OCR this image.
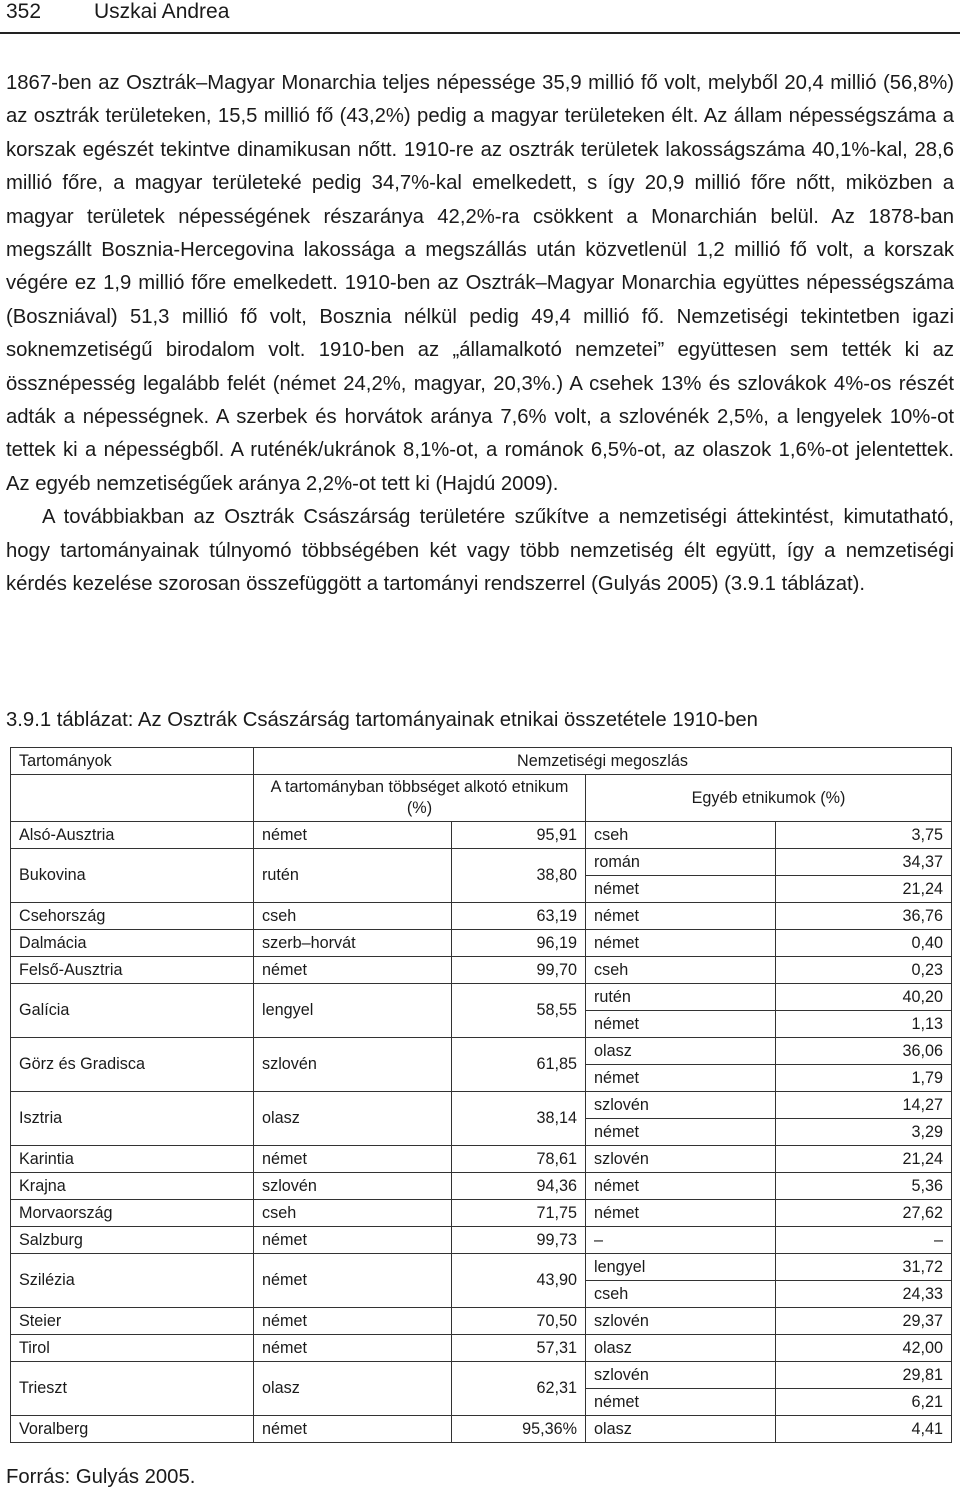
352	Uszkai Andrea

1867-ben az Osztrák–Magyar Monarchia teljes népessége 35,9 millió fő volt, melyből 20,4 millió (56,8%) az osztrák területeken, 15,5 millió fő (43,2%) pedig a magyar területeken élt. Az állam népességszáma a korszak egészét tekintve dinamikusan nőtt. 1910-re az osztrák területek lakosságszáma 40,1%-kal, 28,6 millió főre, a magyar területeké pedig 34,7%-kal emelkedett, s így 20,9 millió főre nőtt, miközben a magyar területek népességének részaránya 42,2%-ra csökkent a Monarchián belül. Az 1878-ban megszállt Bosznia-Hercegovina lakossága a megszállás után közvetlenül 1,2 millió fő volt, a korszak végére ez 1,9 millió főre emelkedett. 1910-ben az Osztrák–Magyar Monarchia együttes népességszáma (Boszniával) 51,3 millió fő volt, Bosznia nélkül pedig 49,4 millió fő. Nemzetiségi tekintetben igazi soknemzetiségű birodalom volt. 1910-ben az „államalkotó nemzetei” együttesen sem tették ki az össznépesség legalább felét (német 24,2%, magyar, 20,3%.) A csehek 13% és szlovákok 4%-os részét adták a népességnek. A szerbek és horvátok aránya 7,6% volt, a szlovénék 2,5%, a lengyelek 10%-ot tettek ki a népességből. A ruténék/ukránok 8,1%-ot, a románok 6,5%-ot, az olaszok 1,6%-ot jelentettek. Az egyéb nemzetiségűek aránya 2,2%-ot tett ki (Hajdú 2009).

A továbbiakban az Osztrák Császárság területére szűkítve a nemzetiségi áttekintést, kimutatható, hogy tartományainak túlnyomó többségében két vagy több nemzetiség élt együtt, így a nemzetiségi kérdés kezelése szorosan összefüggött a tartományi rendszerrel (Gulyás 2005) (3.9.1 táblázat).

3.9.1 táblázat: Az Osztrák Császárság tartományainak etnikai összetétele 1910-ben
Tartományok	Nemzetiségi megoszlás			
	A tartományban többséget alkotó etnikum (%)		Egyéb etnikumok (%)	
Alsó-Ausztria	német	95,91	cseh	3,75
Bukovina	rutén	38,80	román	34,37
			német	21,24
Csehország	cseh	63,19	német	36,76
Dalmácia	szerb–horvát	96,19	német	0,40
Felső-Ausztria	német	99,70	cseh	0,23
Galícia	lengyel	58,55	rutén	40,20
			német	1,13
Görz és Gradisca	szlovén	61,85	olasz	36,06
			német	1,79
Isztria	olasz	38,14	szlovén	14,27
			német	3,29
Karintia	német	78,61	szlovén	21,24
Krajna	szlovén	94,36	német	5,36
Morvaország	cseh	71,75	német	27,62
Salzburg	német	99,73	–	–
Szilézia	német	43,90	lengyel	31,72
			cseh	24,33
Steier	német	70,50	szlovén	29,37
Tirol	német	57,31	olasz	42,00
Trieszt	olasz	62,31	szlovén	29,81
			német	6,21
Voralberg	német	95,36%	olasz	4,41
Forrás: Gulyás 2005.
